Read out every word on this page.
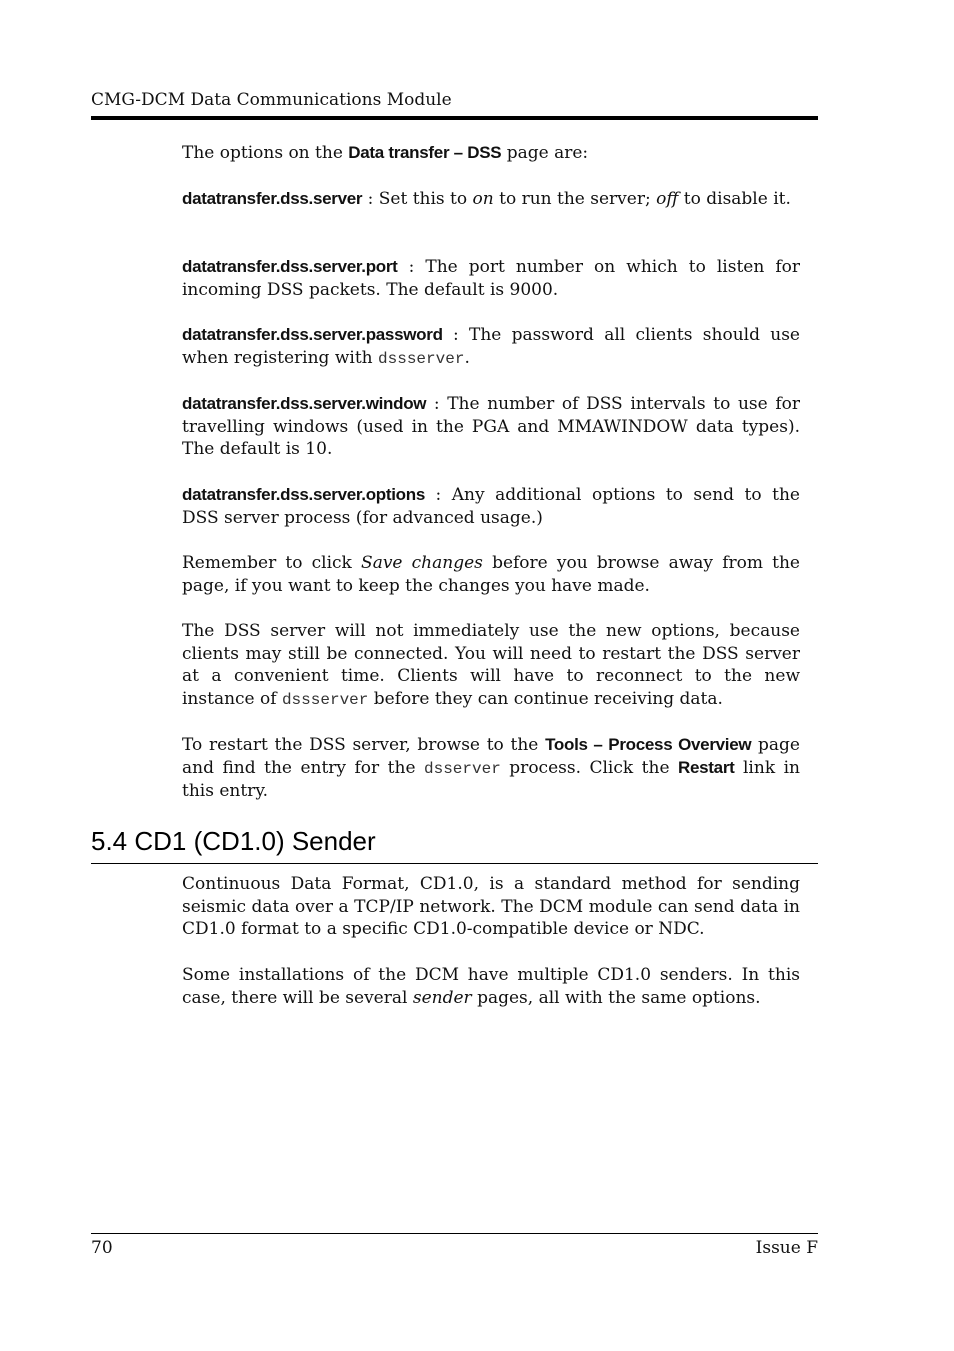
CMG-DCM Data Communications Module

The options on the Data transfer – DSS page are:

datatransfer.dss.server : Set this to on to run the server; off to disable it.

datatransfer.dss.server.port : The port number on which to listen for incoming DSS packets. The default is 9000.

datatransfer.dss.server.password : The password all clients should use when registering with dssserver.

datatransfer.dss.server.window : The number of DSS intervals to use for travelling windows (used in the PGA and MMAWINDOW data types). The default is 10.

datatransfer.dss.server.options : Any additional options to send to the DSS server process (for advanced usage.)

Remember to click Save changes before you browse away from the page, if you want to keep the changes you have made.

The DSS server will not immediately use the new options, because clients may still be connected. You will need to restart the DSS server at a convenient time. Clients will have to reconnect to the new instance of dssserver before they can continue receiving data.

To restart the DSS server, browse to the Tools – Process Overview page and find the entry for the dsserver process. Click the Restart link in this entry.

5.4 CD1 (CD1.0) Sender

Continuous Data Format, CD1.0, is a standard method for sending seismic data over a TCP/IP network. The DCM module can send data in CD1.0 format to a specific CD1.0-compatible device or NDC.

Some installations of the DCM have multiple CD1.0 senders. In this case, there will be several sender pages, all with the same options.

70	Issue F
